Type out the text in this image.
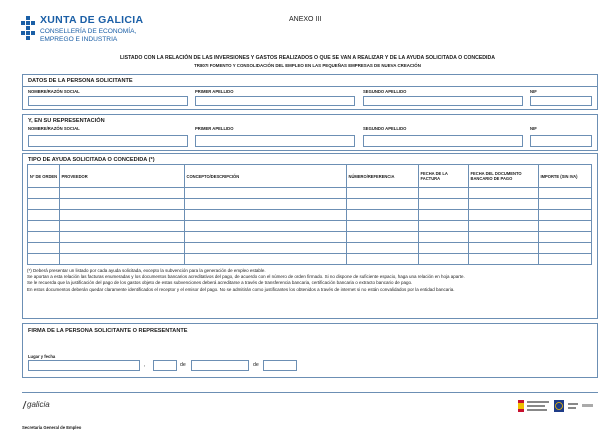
XUNTA DE GALICIA
CONSELLERÍA DE ECONOMÍA,
EMPREGO E INDUSTRIA
ANEXO III
LISTADO CON LA RELACIÓN DE LAS INVERSIONES Y GASTOS REALIZADOS O QUE SE VAN A REALIZAR Y DE LA AYUDA SOLICITADA O CONCEDIDA
TR807I FOMENTO Y CONSOLIDACIÓN DEL EMPLEO EN LAS PEQUEÑAS EMPRESAS DE NUEVA CREACIÓN
DATOS DE LA PERSONA SOLICITANTE
NOMBRE/RAZÓN SOCIAL	PRIMER APELLIDO	SEGUNDO APELLIDO	NIF
Y, EN SU REPRESENTACIÓN
NOMBRE/RAZÓN SOCIAL	PRIMER APELLIDO	SEGUNDO APELLIDO	NIF
TIPO DE AYUDA SOLICITADA O CONCEDIDA (*)
Nº DE ORDEN	PROVEEDOR	CONCEPTO/DESCRIPCIÓN	NÚMERO/REFERENCIA	FECHA DE LA FACTURA	FECHA DEL DOCUMENTO BANCARIO DE PAGO	IMPORTE (SIN IVA)

(*) Deberá presentar un listado por cada ayuda solicitada, excepto la subvención para la generación de empleo estable.
Se aportan a esta relación las facturas enumeradas y los documentos bancarios acreditativos del pago, de acuerdo con el número de orden firmado. Si no dispone de suficiente espacio, haga una relación en hoja aparte.
Se le recuerda que la justificación del pago de los gastos objeto de estas subvenciones deberá acreditarse a través de transferencia bancaria, certificación bancaria o extracto bancario de pago.
En estos documentos deberán quedar claramente identificados el receptor y el emisor del pago. No se admitirán como justificantes los obtenidos a través de internet si no están convalidados por la entidad bancaria.
FIRMA DE LA PERSONA SOLICITANTE O REPRESENTANTE
Lugar y fecha
,	de	de
galicia
Secretaría General de Empleo
